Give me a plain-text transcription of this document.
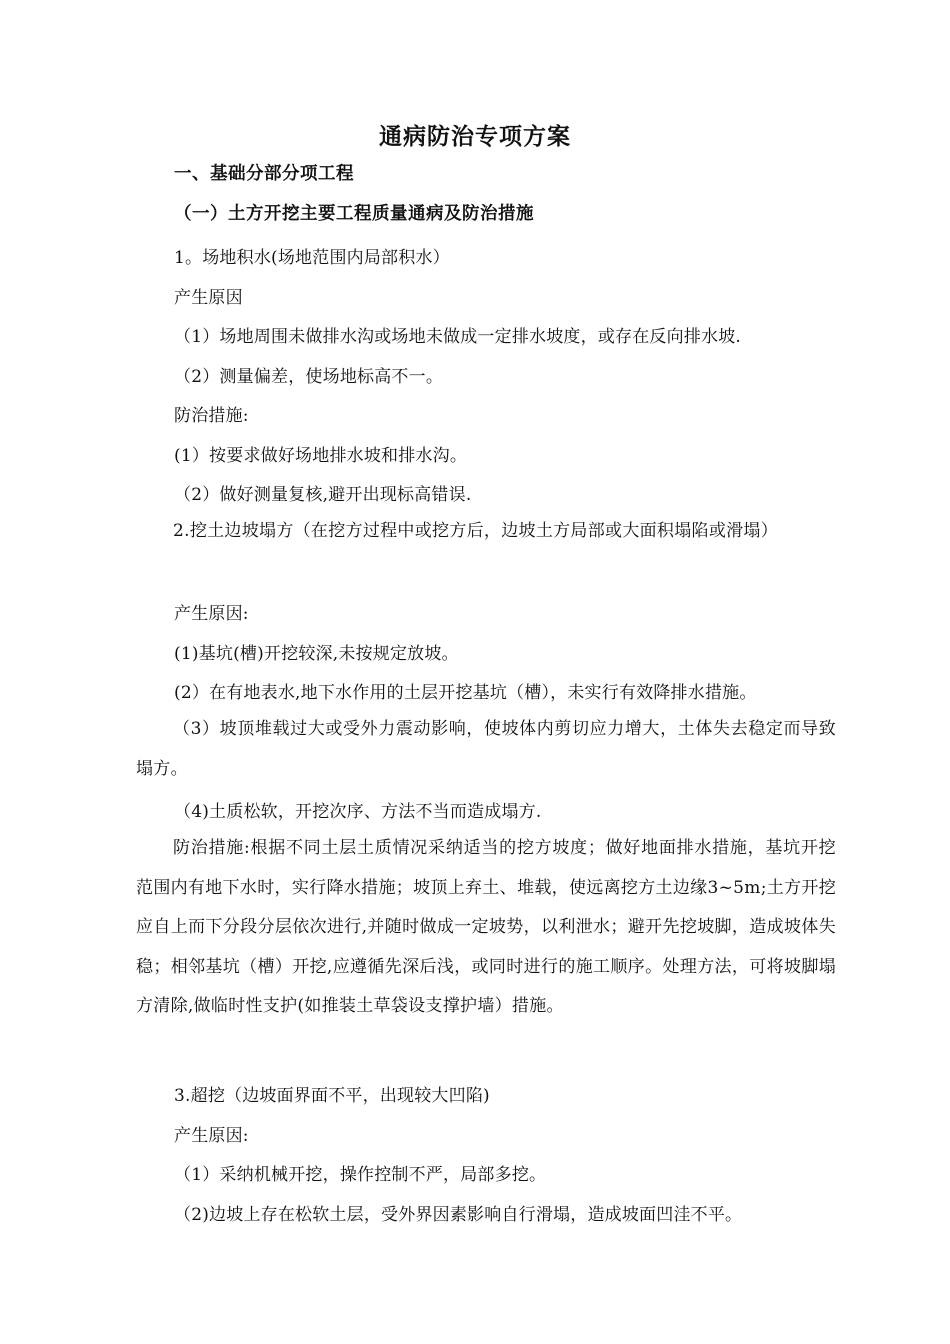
通病防治专项方案
一、基础分部分项工程
（一）土方开挖主要工程质量通病及防治措施
1。场地积水(场地范围内局部积水）
产生原因
（1）场地周围未做排水沟或场地未做成一定排水坡度，或存在反向排水坡.
（2）测量偏差，使场地标高不一。
防治措施:
(1）按要求做好场地排水坡和排水沟。
（2）做好测量复核,避开出现标高错误.
2.挖土边坡塌方（在挖方过程中或挖方后，边坡土方局部或大面积塌陷或滑塌）
产生原因:
(1)基坑(槽)开挖较深,未按规定放坡。
(2）在有地表水,地下水作用的土层开挖基坑（槽），未实行有效降排水措施。
（3）坡顶堆载过大或受外力震动影响，使坡体内剪切应力增大，土体失去稳定而导致塌方。
（4)土质松软，开挖次序、方法不当而造成塌方.
防治措施:根据不同土层土质情况采纳适当的挖方坡度；做好地面排水措施，基坑开挖范围内有地下水时，实行降水措施；坡顶上弃土、堆载，使远离挖方土边缘3~5m;土方开挖应自上而下分段分层依次进行,并随时做成一定坡势，以利泄水；避开先挖坡脚，造成坡体失稳；相邻基坑（槽）开挖,应遵循先深后浅，或同时进行的施工顺序。处理方法，可将坡脚塌方清除,做临时性支护(如推装土草袋设支撑护墙）措施。
3.超挖（边坡面界面不平，出现较大凹陷)
产生原因:
（1）采纳机械开挖，操作控制不严，局部多挖。
（2)边坡上存在松软土层，受外界因素影响自行滑塌，造成坡面凹洼不平。
